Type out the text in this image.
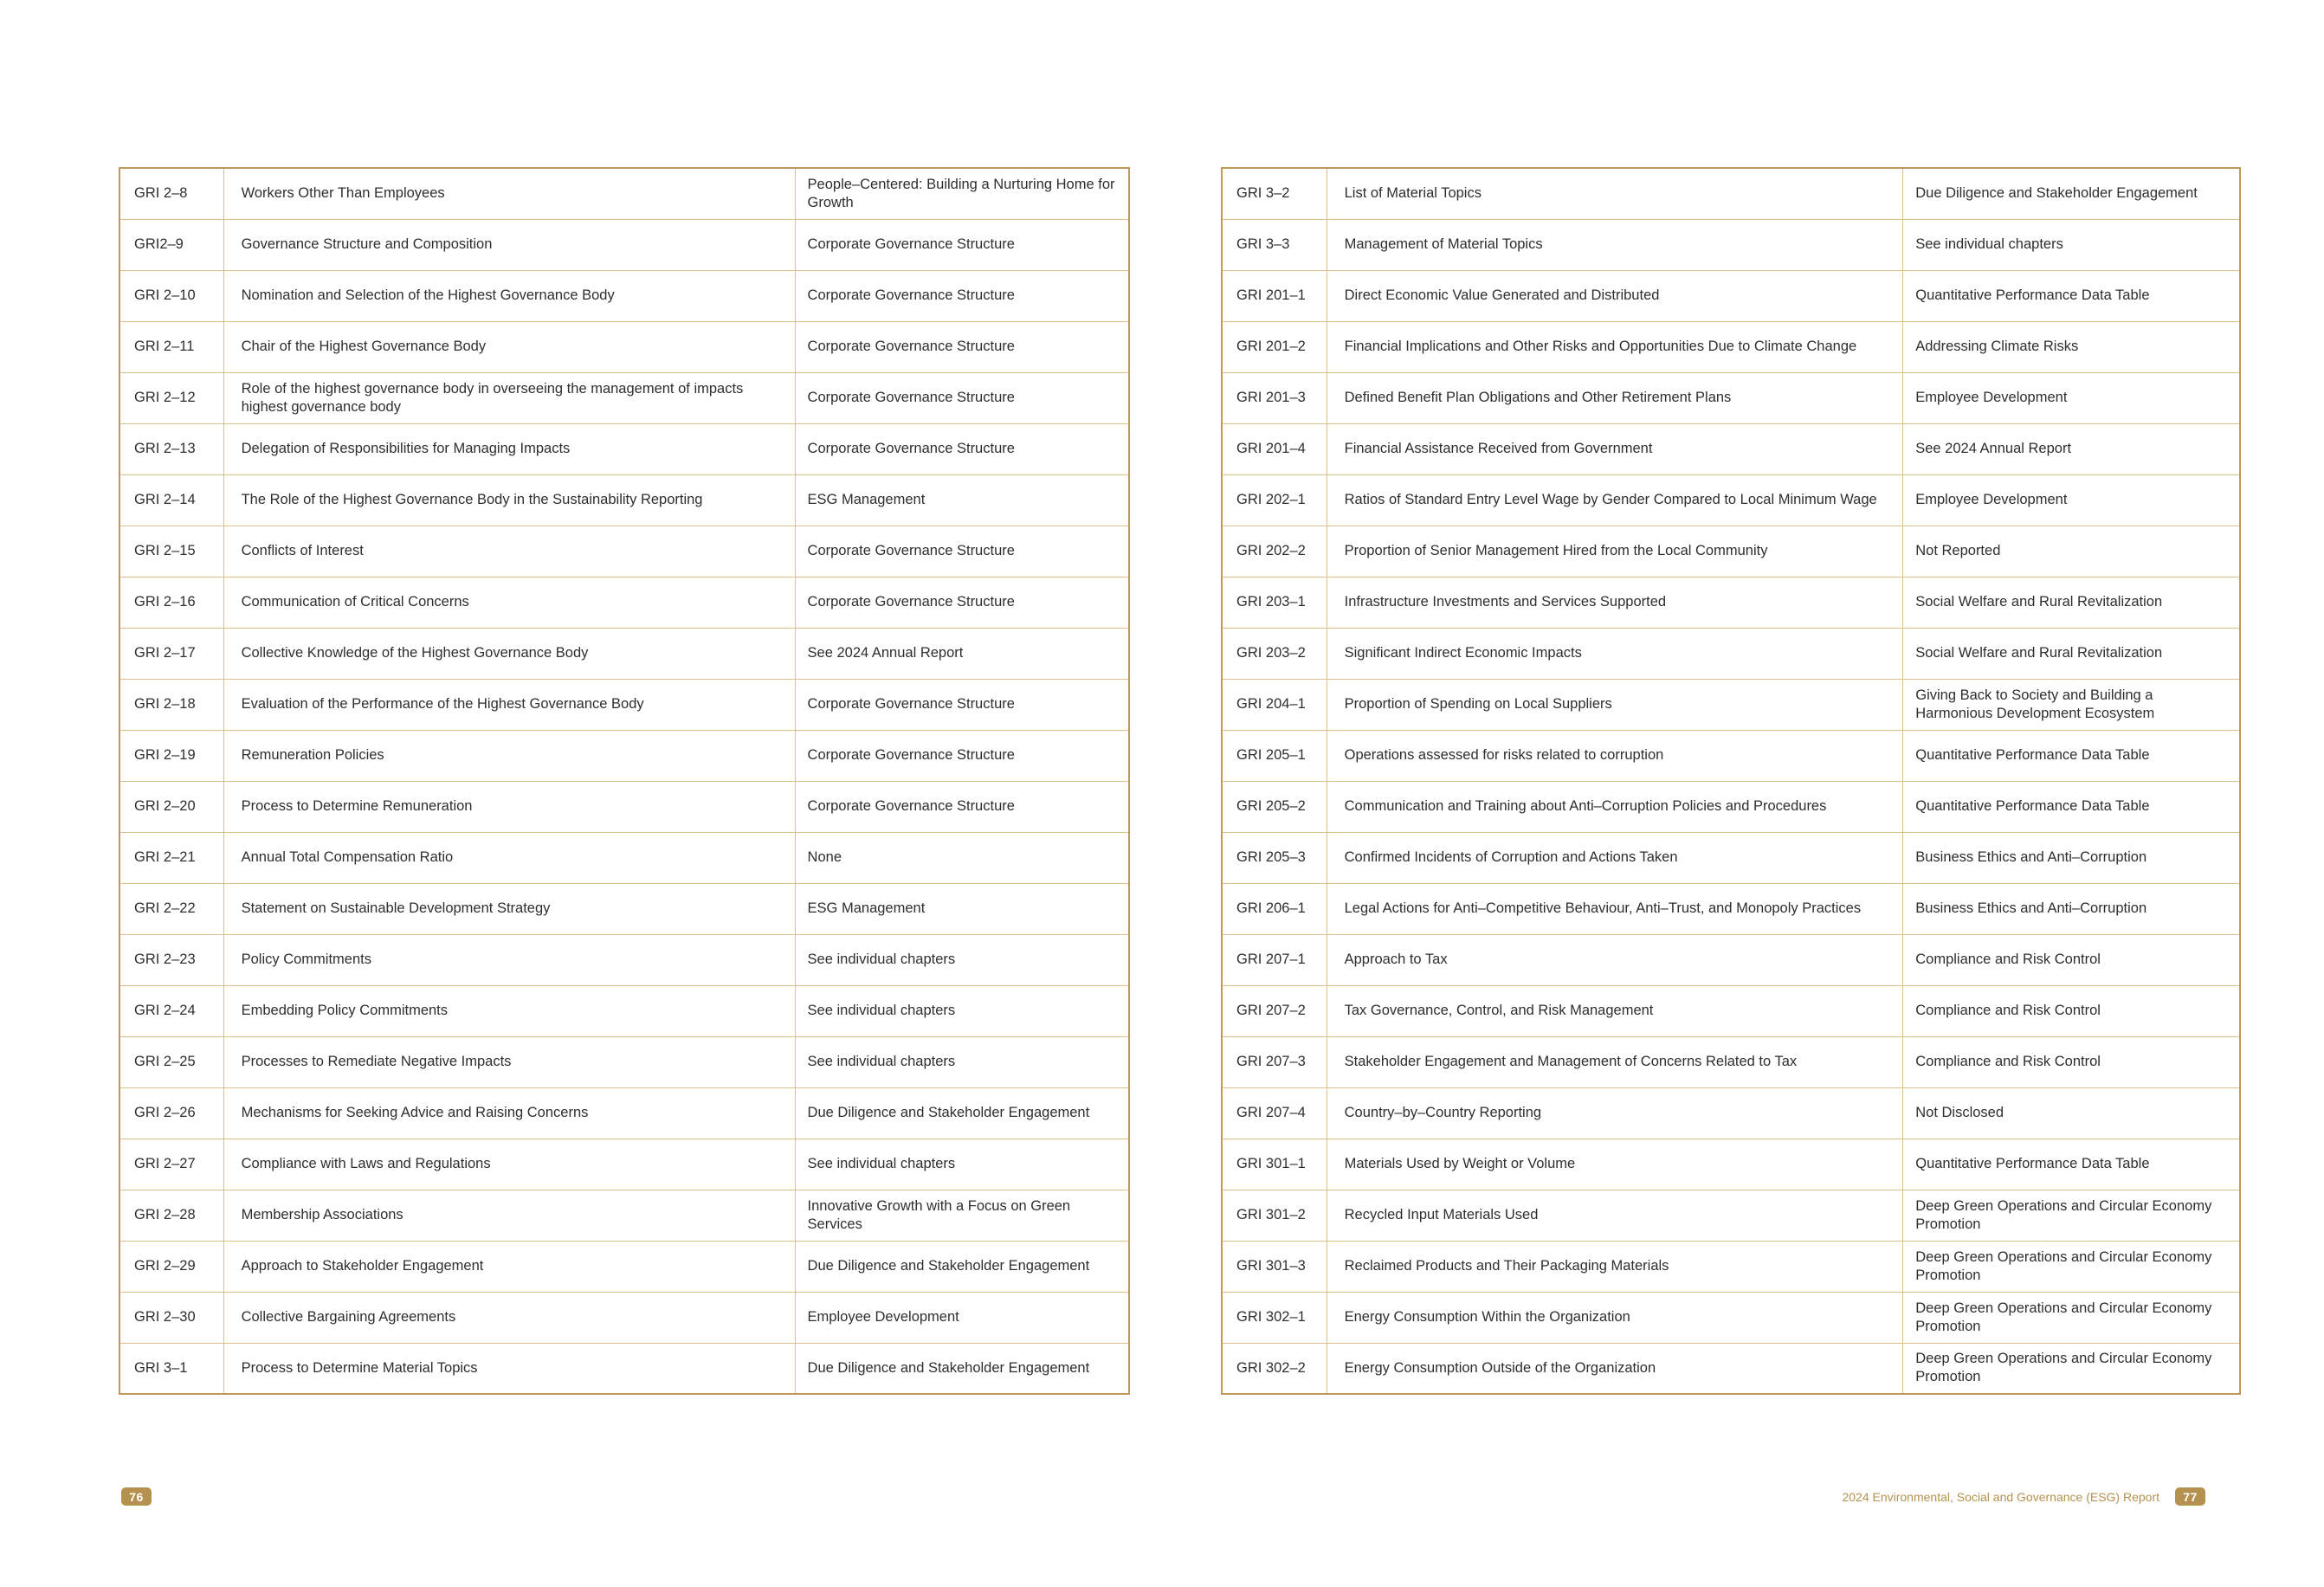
GRI 2–8	Workers Other Than Employees	People–Centered: Building a Nurturing Home for Growth
GRI2–9	Governance Structure and Composition	Corporate Governance Structure
GRI 2–10	Nomination and Selection of the Highest Governance Body	Corporate Governance Structure
GRI 2–11	Chair of the Highest Governance Body	Corporate Governance Structure
GRI 2–12	Role of the highest governance body in overseeing the management of impacts highest governance body	Corporate Governance Structure
GRI 2–13	Delegation of Responsibilities for Managing Impacts	Corporate Governance Structure
GRI 2–14	The Role of the Highest Governance Body in the Sustainability Reporting	ESG Management
GRI 2–15	Conflicts of Interest	Corporate Governance Structure
GRI 2–16	Communication of Critical Concerns	Corporate Governance Structure
GRI 2–17	Collective Knowledge of the Highest Governance Body	See 2024 Annual Report
GRI 2–18	Evaluation of the Performance of the Highest Governance Body	Corporate Governance Structure
GRI 2–19	Remuneration Policies	Corporate Governance Structure
GRI 2–20	Process to Determine Remuneration	Corporate Governance Structure
GRI 2–21	Annual Total Compensation Ratio	None
GRI 2–22	Statement on Sustainable Development Strategy	ESG Management
GRI 2–23	Policy Commitments	See individual chapters
GRI 2–24	Embedding Policy Commitments	See individual chapters
GRI 2–25	Processes to Remediate Negative Impacts	See individual chapters
GRI 2–26	Mechanisms for Seeking Advice and Raising Concerns	Due Diligence and Stakeholder Engagement
GRI 2–27	Compliance with Laws and Regulations	See individual chapters
GRI 2–28	Membership Associations	Innovative Growth with a Focus on Green Services
GRI 2–29	Approach to Stakeholder Engagement	Due Diligence and Stakeholder Engagement
GRI 2–30	Collective Bargaining Agreements	Employee Development
GRI 3–1	Process to Determine Material Topics	Due Diligence and Stakeholder Engagement
GRI 3–2	List of Material Topics	Due Diligence and Stakeholder Engagement
GRI 3–3	Management of Material Topics	See individual chapters
GRI 201–1	Direct Economic Value Generated and Distributed	Quantitative Performance Data Table
GRI 201–2	Financial Implications and Other Risks and Opportunities Due to Climate Change	Addressing Climate Risks
GRI 201–3	Defined Benefit Plan Obligations and Other Retirement Plans	Employee Development
GRI 201–4	Financial Assistance Received from Government	See 2024 Annual Report
GRI 202–1	Ratios of Standard Entry Level Wage by Gender Compared to Local Minimum Wage	Employee Development
GRI 202–2	Proportion of Senior Management Hired from the Local Community	Not Reported
GRI 203–1	Infrastructure Investments and Services Supported	Social Welfare and Rural Revitalization
GRI 203–2	Significant Indirect Economic Impacts	Social Welfare and Rural Revitalization
GRI 204–1	Proportion of Spending on Local Suppliers	Giving Back to Society and Building a Harmonious Development Ecosystem
GRI 205–1	Operations assessed for risks related to corruption	Quantitative Performance Data Table
GRI 205–2	Communication and Training about Anti–Corruption Policies and Procedures	Quantitative Performance Data Table
GRI 205–3	Confirmed Incidents of Corruption and Actions Taken	Business Ethics and Anti–Corruption
GRI 206–1	Legal Actions for Anti–Competitive Behaviour, Anti–Trust, and Monopoly Practices	Business Ethics and Anti–Corruption
GRI 207–1	Approach to Tax	Compliance and Risk Control
GRI 207–2	Tax Governance, Control, and Risk Management	Compliance and Risk Control
GRI 207–3	Stakeholder Engagement and Management of Concerns Related to Tax	Compliance and Risk Control
GRI 207–4	Country–by–Country Reporting	Not Disclosed
GRI 301–1	Materials Used by Weight or Volume	Quantitative Performance Data Table
GRI 301–2	Recycled Input Materials Used	Deep Green Operations and Circular Economy Promotion
GRI 301–3	Reclaimed Products and Their Packaging Materials	Deep Green Operations and Circular Economy Promotion
GRI 302–1	Energy Consumption Within the Organization	Deep Green Operations and Circular Economy Promotion
GRI 302–2	Energy Consumption Outside of the Organization	Deep Green Operations and Circular Economy Promotion
76	2024 Environmental, Social and Governance (ESG) Report	77
